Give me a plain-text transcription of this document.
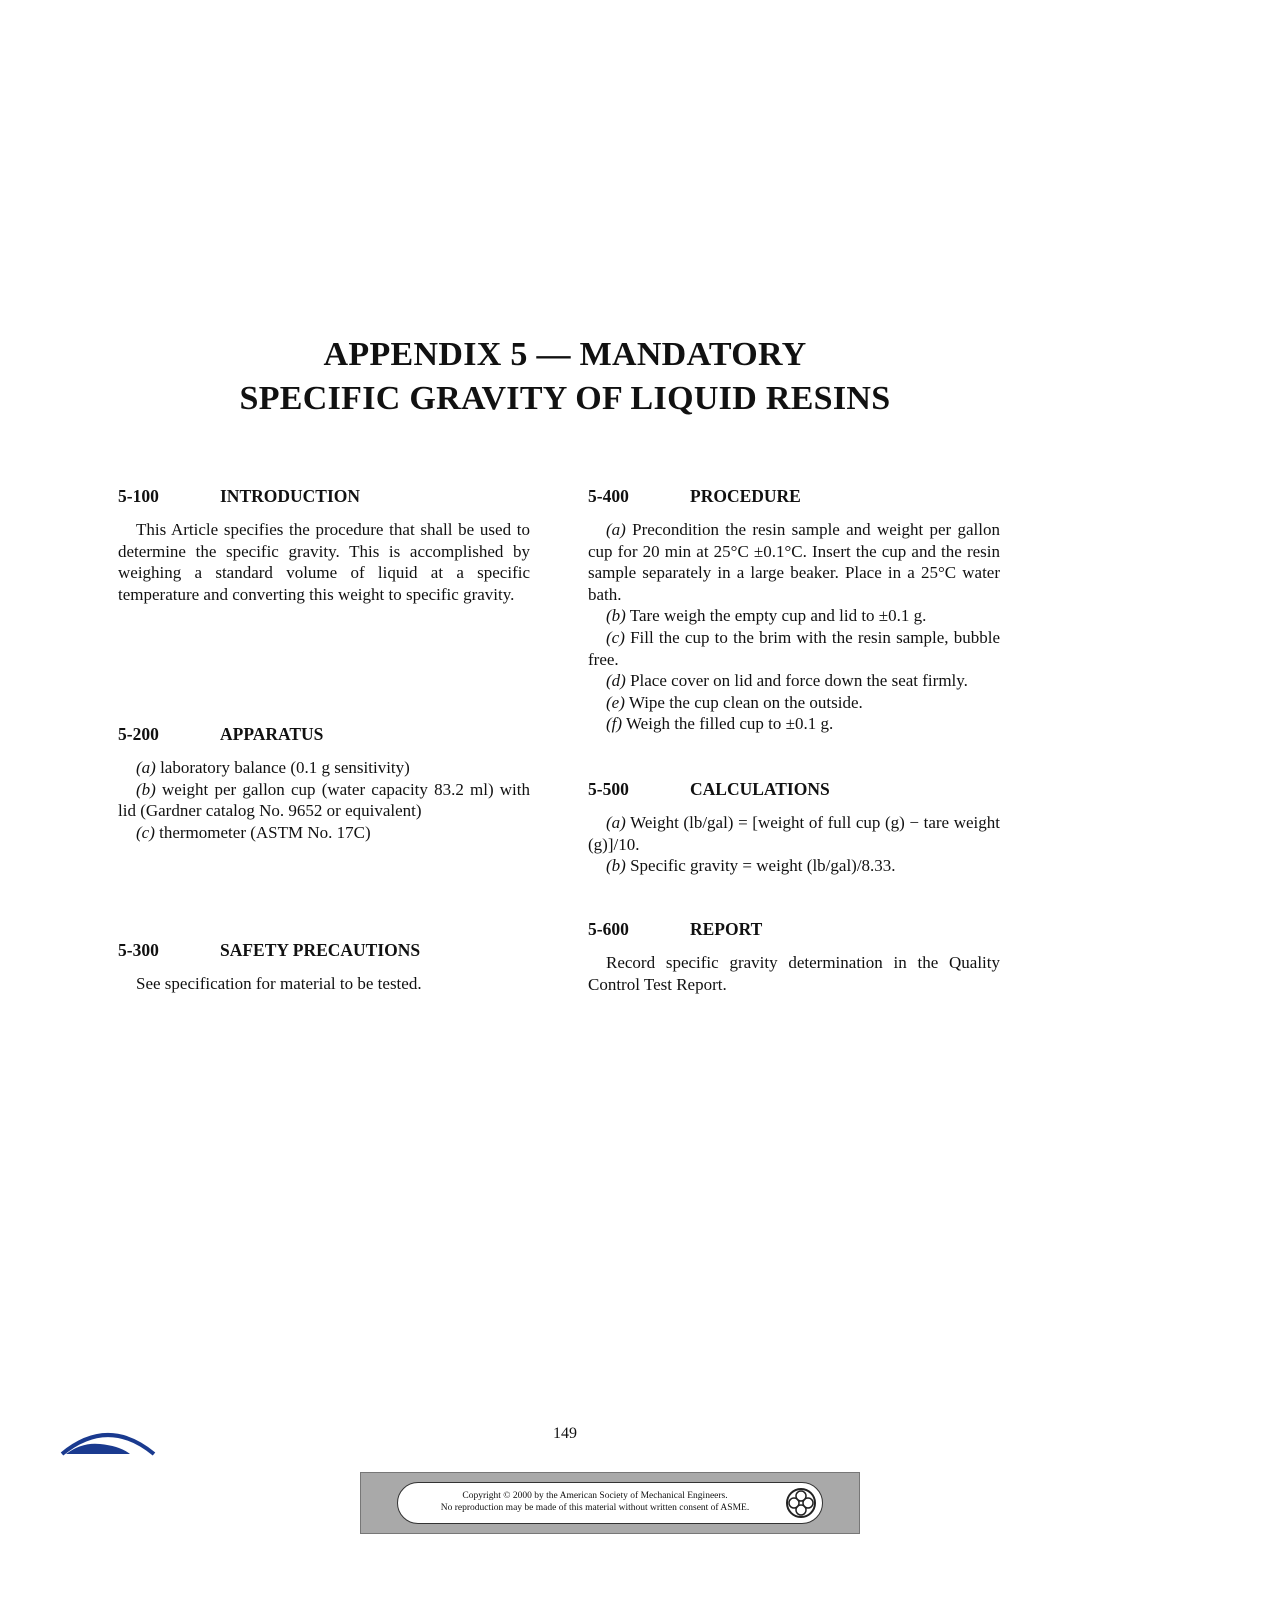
APPENDIX 5 — MANDATORY
SPECIFIC GRAVITY OF LIQUID RESINS
5-100	INTRODUCTION

This Article specifies the procedure that shall be used to determine the specific gravity. This is accomplished by weighing a standard volume of liquid at a specific temperature and converting this weight to specific gravity.

5-200	APPARATUS

(a) laboratory balance (0.1 g sensitivity)

(b) weight per gallon cup (water capacity 83.2 ml) with lid (Gardner catalog No. 9652 or equivalent)

(c) thermometer (ASTM No. 17C)

5-300	SAFETY PRECAUTIONS

See specification for material to be tested.

5-400	PROCEDURE

(a) Precondition the resin sample and weight per gallon cup for 20 min at 25°C ±0.1°C. Insert the cup and the resin sample separately in a large beaker. Place in a 25°C water bath.

(b) Tare weigh the empty cup and lid to ±0.1 g.

(c) Fill the cup to the brim with the resin sample, bubble free.

(d) Place cover on lid and force down the seat firmly.

(e) Wipe the cup clean on the outside.

(f) Weigh the filled cup to ±0.1 g.

5-500	CALCULATIONS

(a) Weight (lb/gal) = [weight of full cup (g) − tare weight (g)]/10.

(b) Specific gravity = weight (lb/gal)/8.33.

5-600	REPORT

Record specific gravity determination in the Quality Control Test Report.

149
Copyright © 2000 by the American Society of Mechanical Engineers.
No reproduction may be made of this material without written consent of ASME.
